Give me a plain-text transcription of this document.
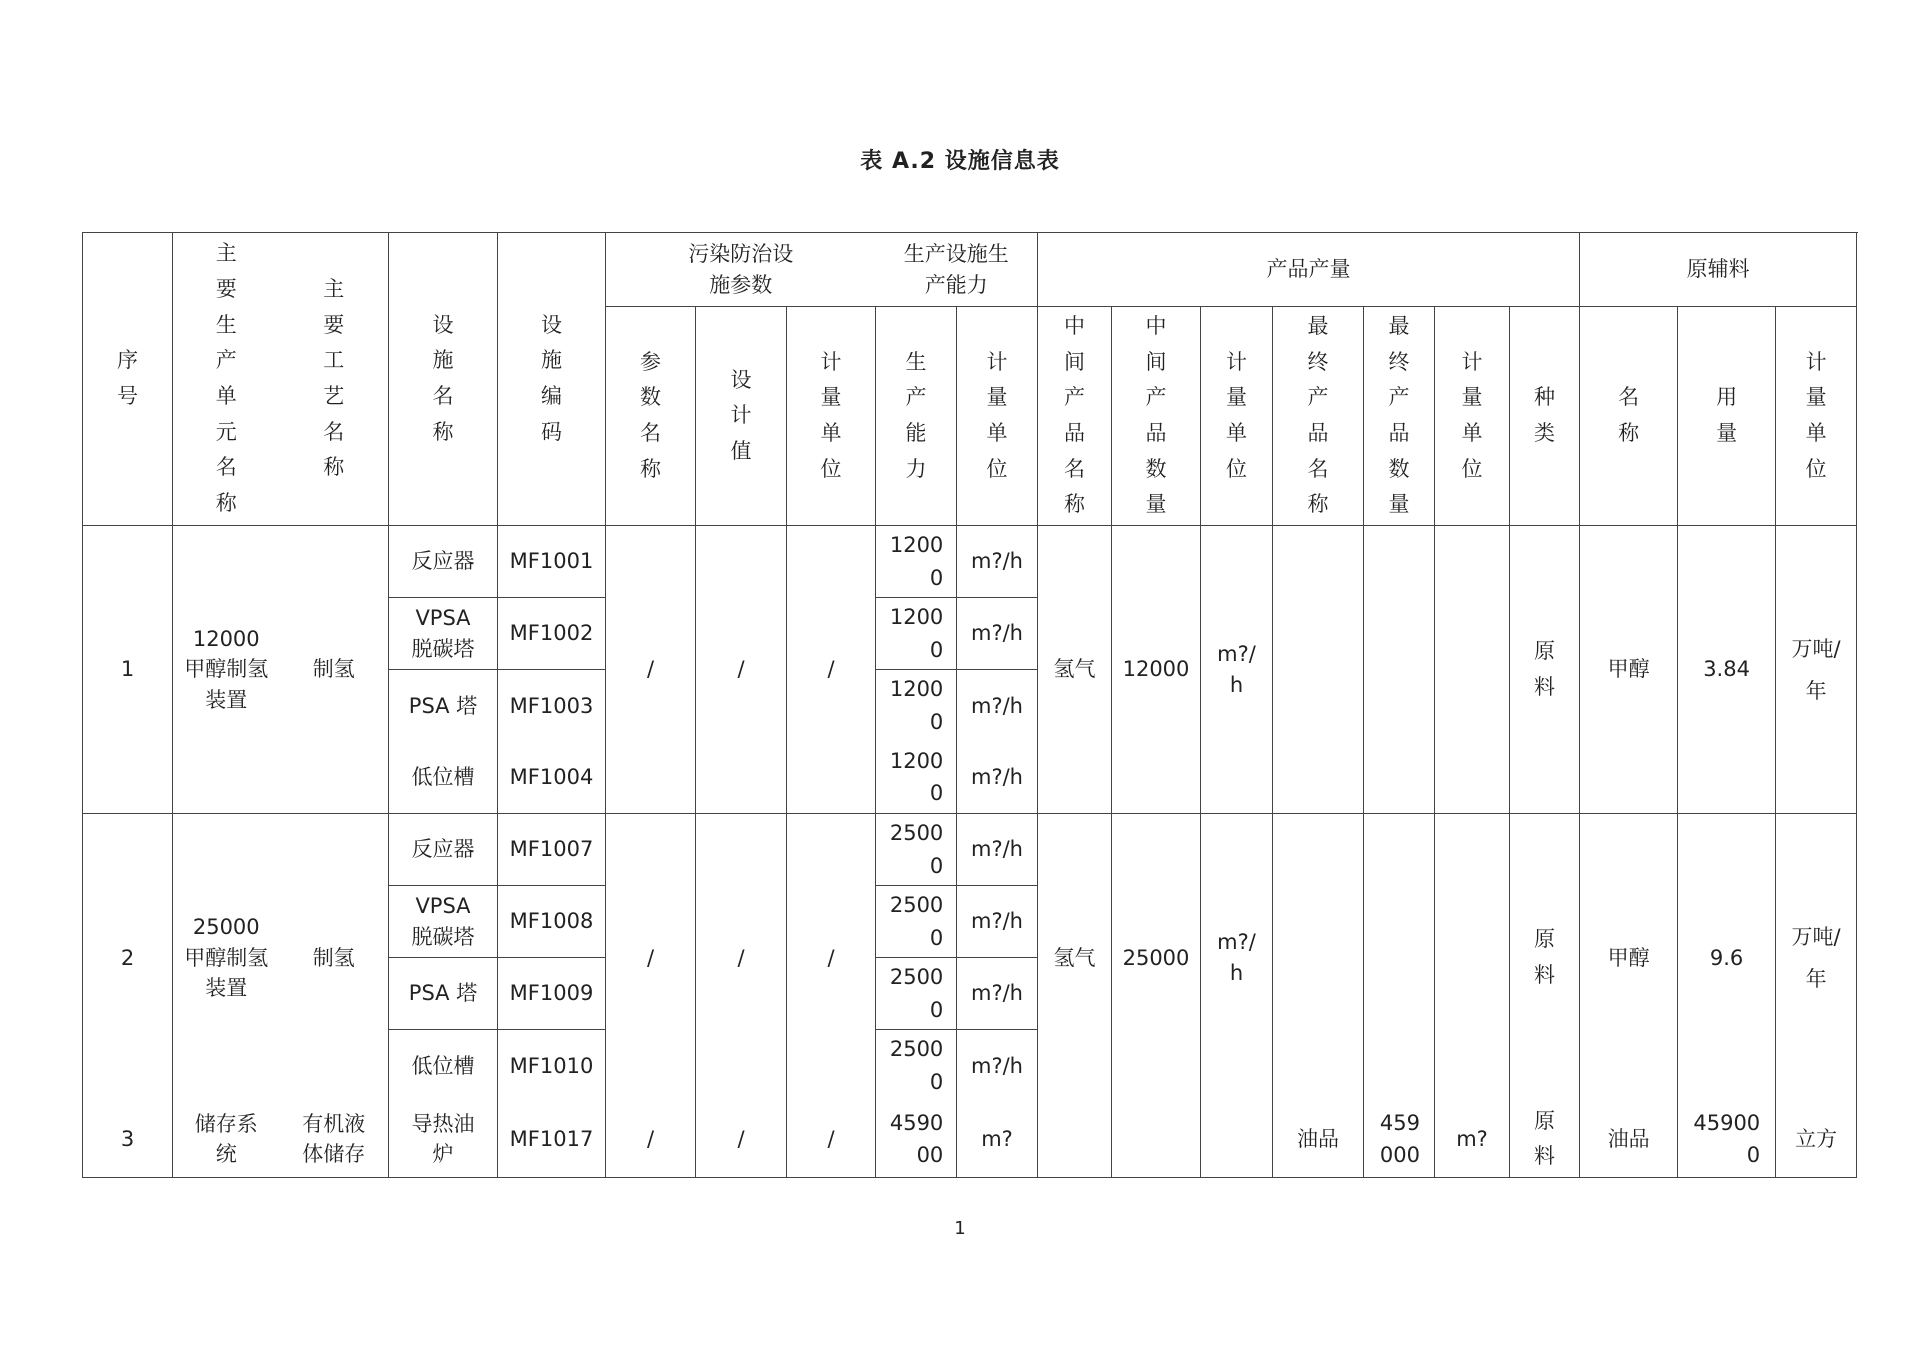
表 A.2 设施信息表
序号	主要生产单元名称	主要工艺名称	设施名称	设施编码	污染防治设施参数			生产设施生产能力		产品产量							原辅料		
					参数名称	设计值	计量单位	生产能力	计量单位	中间产品名称	中间产品数量	计量单位	最终产品名称	最终产品数量	计量单位	种类	名称	用量	计量单位
1	12000甲醇制氢装置	制氢	反应器	MF1001	/	/	/	12000	m?/h	氢气	12000	m?/h				原料	甲醇	3.84	万吨/年
			VPSA脱碳塔	MF1002				12000	m?/h										
			PSA 塔	MF1003				12000	m?/h										
			低位槽	MF1004				12000	m?/h										
2	25000甲醇制氢装置	制氢	反应器	MF1007	/	/	/	25000	m?/h	氢气	25000	m?/h				原料	甲醇	9.6	万吨/年
			VPSA脱碳塔	MF1008				25000	m?/h										
			PSA 塔	MF1009				25000	m?/h										
			低位槽	MF1010				25000	m?/h										
3	储存系统	有机液体储存	导热油炉	MF1017	/	/	/	459000	m?				油品	459000	m?	原料	油品	459000	立方
1
